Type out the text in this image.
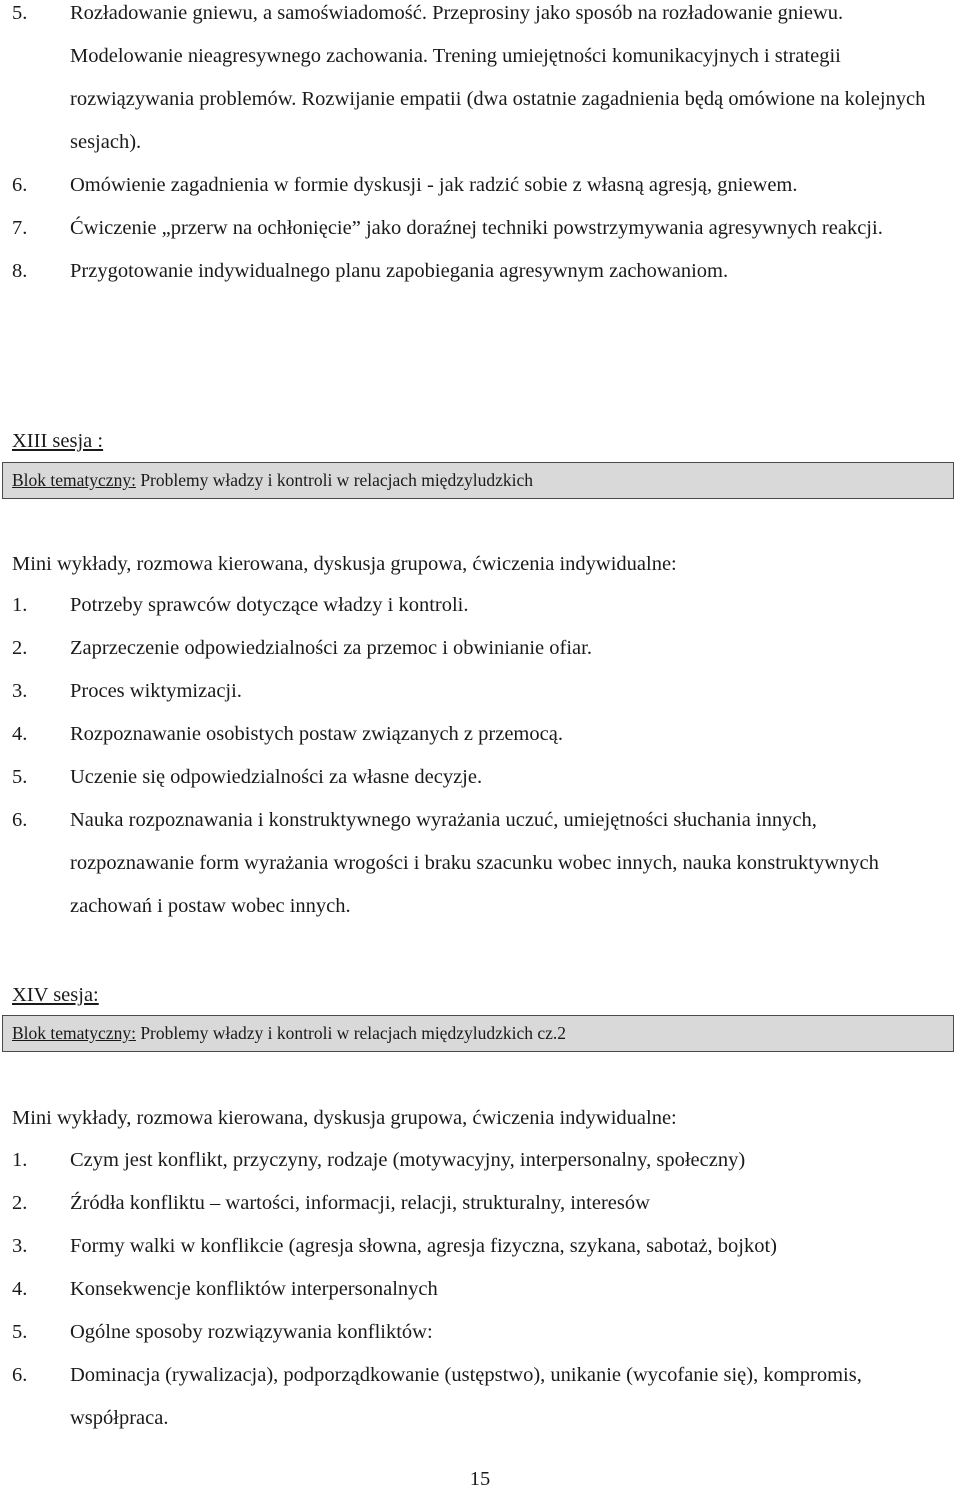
5. Rozładowanie gniewu, a samoświadomość. Przeprosiny jako sposób na rozładowanie gniewu. Modelowanie nieagresywnego zachowania. Trening umiejętności komunikacyjnych i strategii rozwiązywania problemów. Rozwijanie empatii (dwa ostatnie zagadnienia będą omówione na kolejnych sesjach).
6. Omówienie zagadnienia w formie dyskusji - jak radzić sobie z własną agresją, gniewem.
7. Ćwiczenie „przerw na ochłonięcie” jako doraźnej techniki powstrzymywania agresywnych reakcji.
8. Przygotowanie indywidualnego planu zapobiegania agresywnym zachowaniom.
XIII sesja :
Blok tematyczny: Problemy władzy i kontroli w relacjach międzyludzkich
Mini wykłady, rozmowa kierowana, dyskusja grupowa, ćwiczenia indywidualne:
1. Potrzeby sprawców dotyczące władzy i kontroli.
2. Zaprzeczenie odpowiedzialności za przemoc i obwinianie ofiar.
3. Proces wiktymizacji.
4. Rozpoznawanie osobistych postaw związanych z przemocą.
5. Uczenie się odpowiedzialności za własne decyzje.
6. Nauka rozpoznawania i konstruktywnego wyrażania uczuć, umiejętności słuchania innych, rozpoznawanie form wyrażania wrogości i braku szacunku wobec innych, nauka konstruktywnych zachowań i postaw wobec innych.
XIV sesja:
Blok tematyczny: Problemy władzy i kontroli w relacjach międzyludzkich cz.2
Mini wykłady, rozmowa kierowana, dyskusja grupowa, ćwiczenia indywidualne:
1. Czym jest konflikt, przyczyny, rodzaje (motywacyjny, interpersonalny, społeczny)
2. Źródła konfliktu – wartości, informacji, relacji, strukturalny, interesów
3. Formy walki w konflikcie (agresja słowna, agresja fizyczna, szykana, sabotaż, bojkot)
4. Konsekwencje konfliktów interpersonalnych
5. Ogólne sposoby rozwiązywania konfliktów:
6. Dominacja (rywalizacja), podporządkowanie (ustępstwo), unikanie (wycofanie się), kompromis, współpraca.
15
